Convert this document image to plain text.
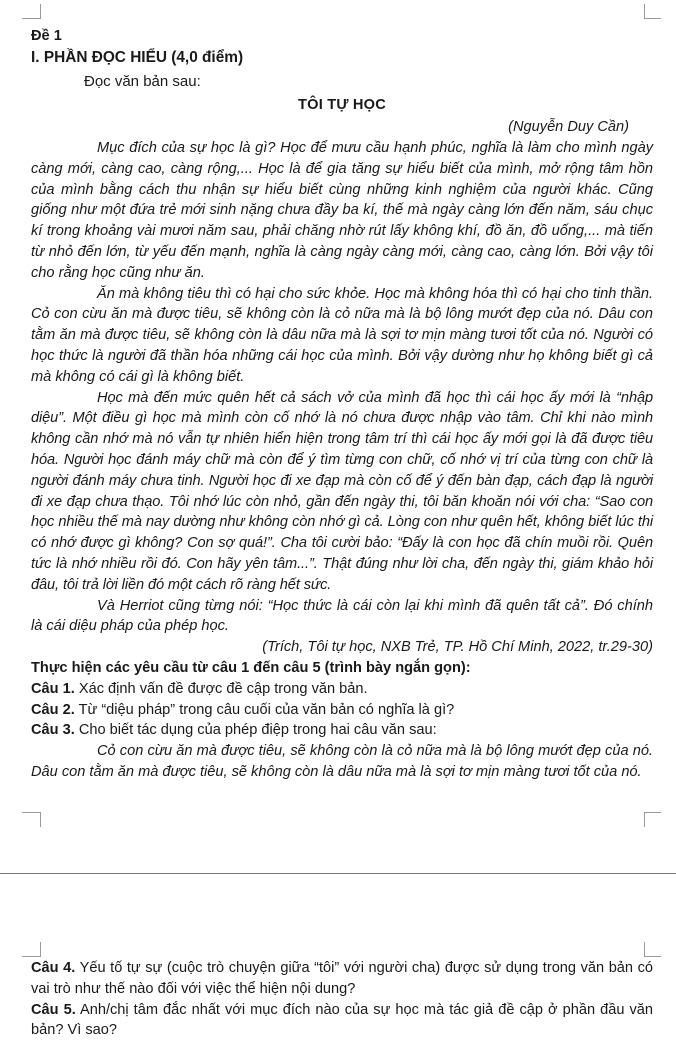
Đề 1

I. PHẦN ĐỌC HIỂU (4,0 điểm)

Đọc văn bản sau:

TÔI TỰ HỌC

(Nguyễn Duy Cần)

Mục đích của sự học là gì? Học để mưu cầu hạnh phúc, nghĩa là làm cho mình ngày càng mới, càng cao, càng rộng,... Học là để gia tăng sự hiểu biết của mình, mở rộng tâm hồn của mình bằng cách thu nhận sự hiểu biết cùng những kinh nghiệm của người khác. Cũng giống như một đứa trẻ mới sinh nặng chưa đầy ba kí, thế mà ngày càng lớn đến năm, sáu chục kí trong khoảng vài mươi năm sau, phải chăng nhờ rút lấy không khí, đồ ăn, đồ uống,... mà tiến từ nhỏ đến lớn, từ yếu đến mạnh, nghĩa là càng ngày càng mới, càng cao, càng lớn. Bởi vậy tôi cho rằng học cũng như ăn.

Ăn mà không tiêu thì có hại cho sức khỏe. Học mà không hóa thì có hại cho tinh thần. Cỏ con cừu ăn mà được tiêu, sẽ không còn là cỏ nữa mà là bộ lông mướt đẹp của nó. Dâu con tằm ăn mà được tiêu, sẽ không còn là dâu nữa mà là sợi tơ mịn màng tươi tốt của nó. Người có học thức là người đã thần hóa những cái học của mình. Bởi vậy dường như họ không biết gì cả mà không có cái gì là không biết.

Học mà đến mức quên hết cả sách vở của mình đã học thì cái học ấy mới là “nhập diệu”. Một điều gì học mà mình còn cố nhớ là nó chưa được nhập vào tâm. Chỉ khi nào mình không cần nhớ mà nó vẫn tự nhiên hiển hiện trong tâm trí thì cái học ấy mới gọi là đã được tiêu hóa. Người học đánh máy chữ mà còn để ý tìm từng con chữ, cố nhớ vị trí của từng con chữ là người đánh máy chưa tinh. Người học đi xe đạp mà còn cố để ý đến bàn đạp, cách đạp là người đi xe đạp chưa thạo. Tôi nhớ lúc còn nhỏ, gần đến ngày thi, tôi băn khoăn nói với cha: “Sao con học nhiều thế mà nay dường như không còn nhớ gì cả. Lòng con như quên hết, không biết lúc thi có nhớ được gì không? Con sợ quá!”. Cha tôi cười bảo: “Đấy là con học đã chín muồi rồi. Quên tức là nhớ nhiều rồi đó. Con hãy yên tâm...”. Thật đúng như lời cha, đến ngày thi, giám khảo hỏi đâu, tôi trả lời liền đó một cách rõ ràng hết sức.

Và Herriot cũng từng nói: “Học thức là cái còn lại khi mình đã quên tất cả”. Đó chính là cái diệu pháp của phép học.

(Trích, Tôi tự học, NXB Trẻ, TP. Hồ Chí Minh, 2022, tr.29-30)

Thực hiện các yêu cầu từ câu 1 đến câu 5 (trình bày ngắn gọn):

Câu 1. Xác định vấn đề được đề cập trong văn bản.

Câu 2. Từ “diệu pháp” trong câu cuối của văn bản có nghĩa là gì?

Câu 3. Cho biết tác dụng của phép điệp trong hai câu văn sau:

Cỏ con cừu ăn mà được tiêu, sẽ không còn là cỏ nữa mà là bộ lông mướt đẹp của nó. Dâu con tằm ăn mà được tiêu, sẽ không còn là dâu nữa mà là sợi tơ mịn màng tươi tốt của nó.

Câu 4. Yếu tố tự sự (cuộc trò chuyện giữa “tôi” với người cha) được sử dụng trong văn bản có vai trò như thế nào đối với việc thể hiện nội dung?

Câu 5. Anh/chị tâm đắc nhất với mục đích nào của sự học mà tác giả đề cập ở phần đầu văn bản? Vì sao?
